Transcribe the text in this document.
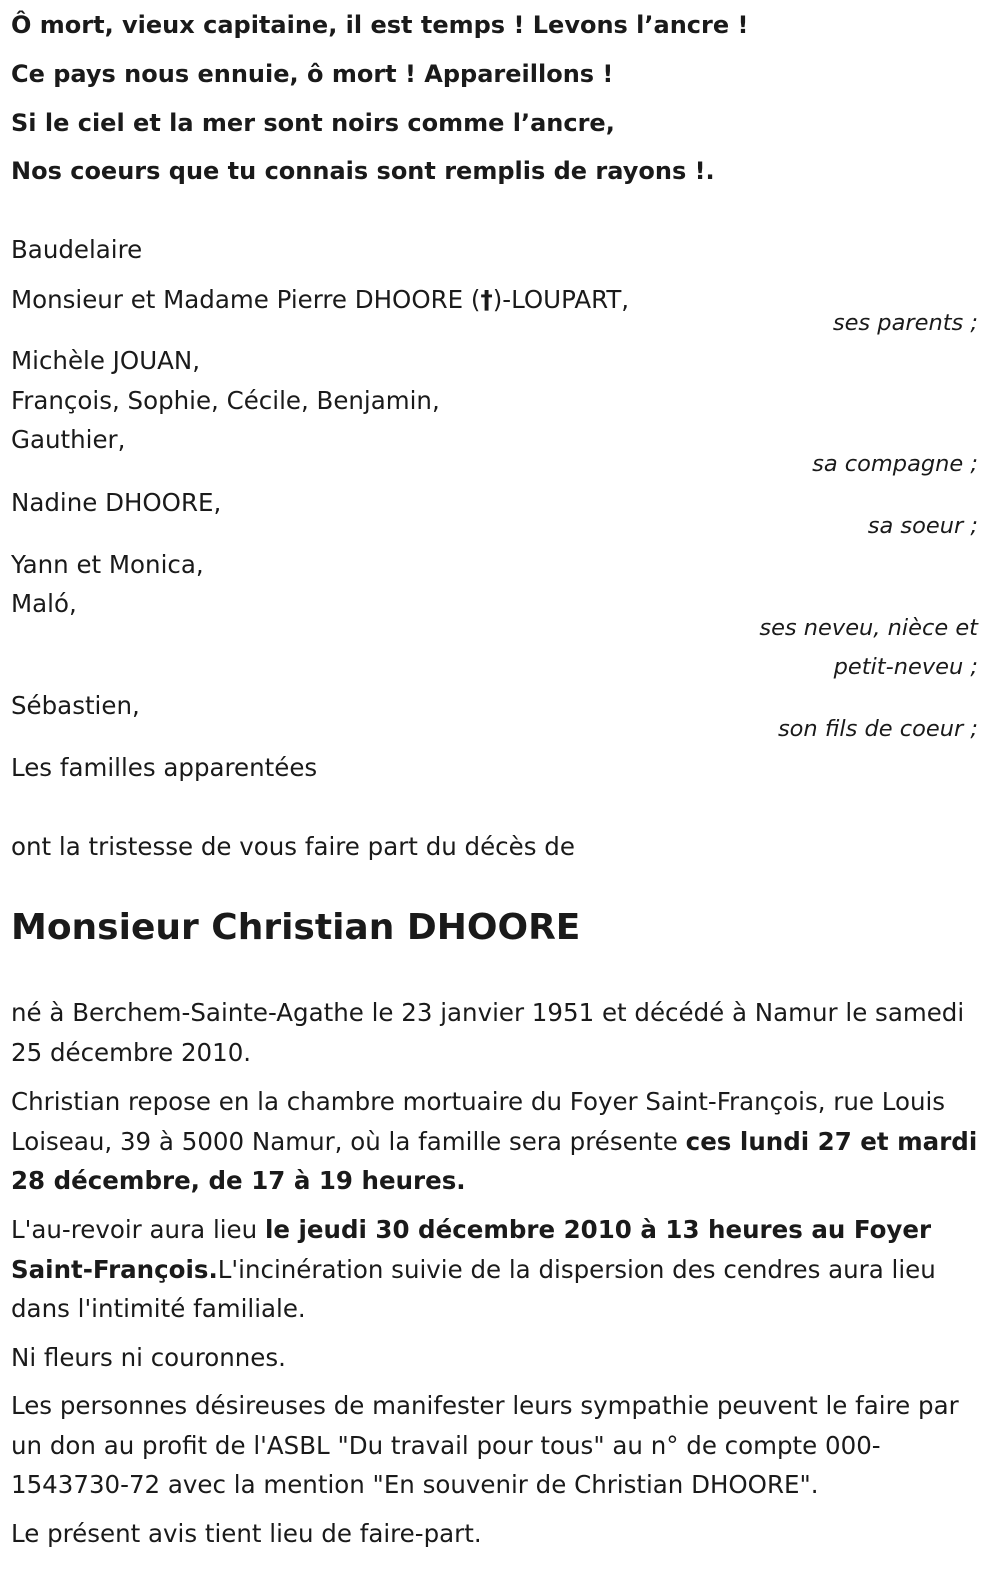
Ô mort, vieux capitaine, il est temps ! Levons l’ancre !
Ce pays nous ennuie, ô mort ! Appareillons !
Si le ciel et la mer sont noirs comme l’ancre,
Nos coeurs que tu connais sont remplis de rayons !.
Baudelaire
Monsieur et Madame Pierre DHOORE (†)-LOUPART,
ses parents ;
Michèle JOUAN,
François, Sophie, Cécile, Benjamin,
Gauthier,
sa compagne ;
Nadine DHOORE,
sa soeur ;
Yann et Monica,
Maló,
ses neveu, nièce et
petit-neveu ;
Sébastien,
son fils de coeur ;
Les familles apparentées
ont la tristesse de vous faire part du décès de
Monsieur Christian DHOORE
né à Berchem-Sainte-Agathe le 23 janvier 1951 et décédé à Namur le samedi 25 décembre 2010.
Christian repose en la chambre mortuaire du Foyer Saint-François, rue Louis Loiseau, 39 à 5000 Namur, où la famille sera présente ces lundi 27 et mardi 28 décembre, de 17 à 19 heures.
L'au-revoir aura lieu le jeudi 30 décembre 2010 à 13 heures au Foyer Saint-François.L'incinération suivie de la dispersion des cendres aura lieu dans l'intimité familiale.
Ni fleurs ni couronnes.
Les personnes désireuses de manifester leurs sympathie peuvent le faire par un don au profit de l'ASBL "Du travail pour tous" au n° de compte 000-1543730-72 avec la mention "En souvenir de Christian DHOORE".
Le présent avis tient lieu de faire-part.
